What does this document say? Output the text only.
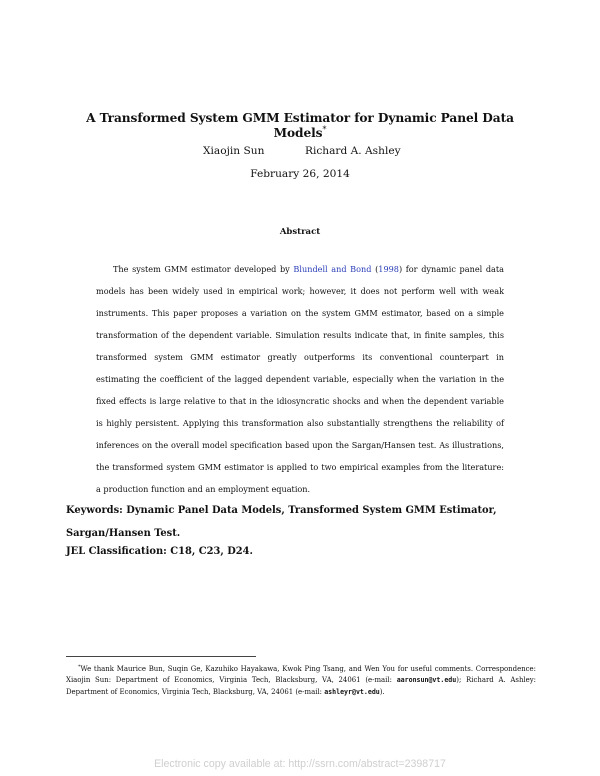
A Transformed System GMM Estimator for Dynamic Panel Data Models*
Xiaojin Sun	Richard A. Ashley
February 26, 2014
Abstract

The system GMM estimator developed by Blundell and Bond (1998) for dynamic panel data models has been widely used in empirical work; however, it does not perform well with weak instruments. This paper proposes a variation on the system GMM estimator, based on a simple transformation of the dependent variable. Simulation results indicate that, in finite samples, this transformed system GMM estimator greatly outperforms its conventional counterpart in estimating the coefficient of the lagged dependent variable, especially when the variation in the fixed effects is large relative to that in the idiosyncratic shocks and when the dependent variable is highly persistent. Applying this transformation also substantially strengthens the reliability of inferences on the overall model specification based upon the Sargan/Hansen test. As illustrations, the transformed system GMM estimator is applied to two empirical examples from the literature: a production function and an employment equation.

Keywords: Dynamic Panel Data Models, Transformed System GMM Estimator, Sargan/Hansen Test.

JEL Classification: C18, C23, D24.

*We thank Maurice Bun, Suqin Ge, Kazuhiko Hayakawa, Kwok Ping Tsang, and Wen You for useful comments. Correspondence: Xiaojin Sun: Department of Economics, Virginia Tech, Blacksburg, VA, 24061 (e-mail: aaronsun@vt.edu); Richard A. Ashley: Department of Economics, Virginia Tech, Blacksburg, VA, 24061 (e-mail: ashleyr@vt.edu).

Electronic copy available at: http://ssrn.com/abstract=2398717
